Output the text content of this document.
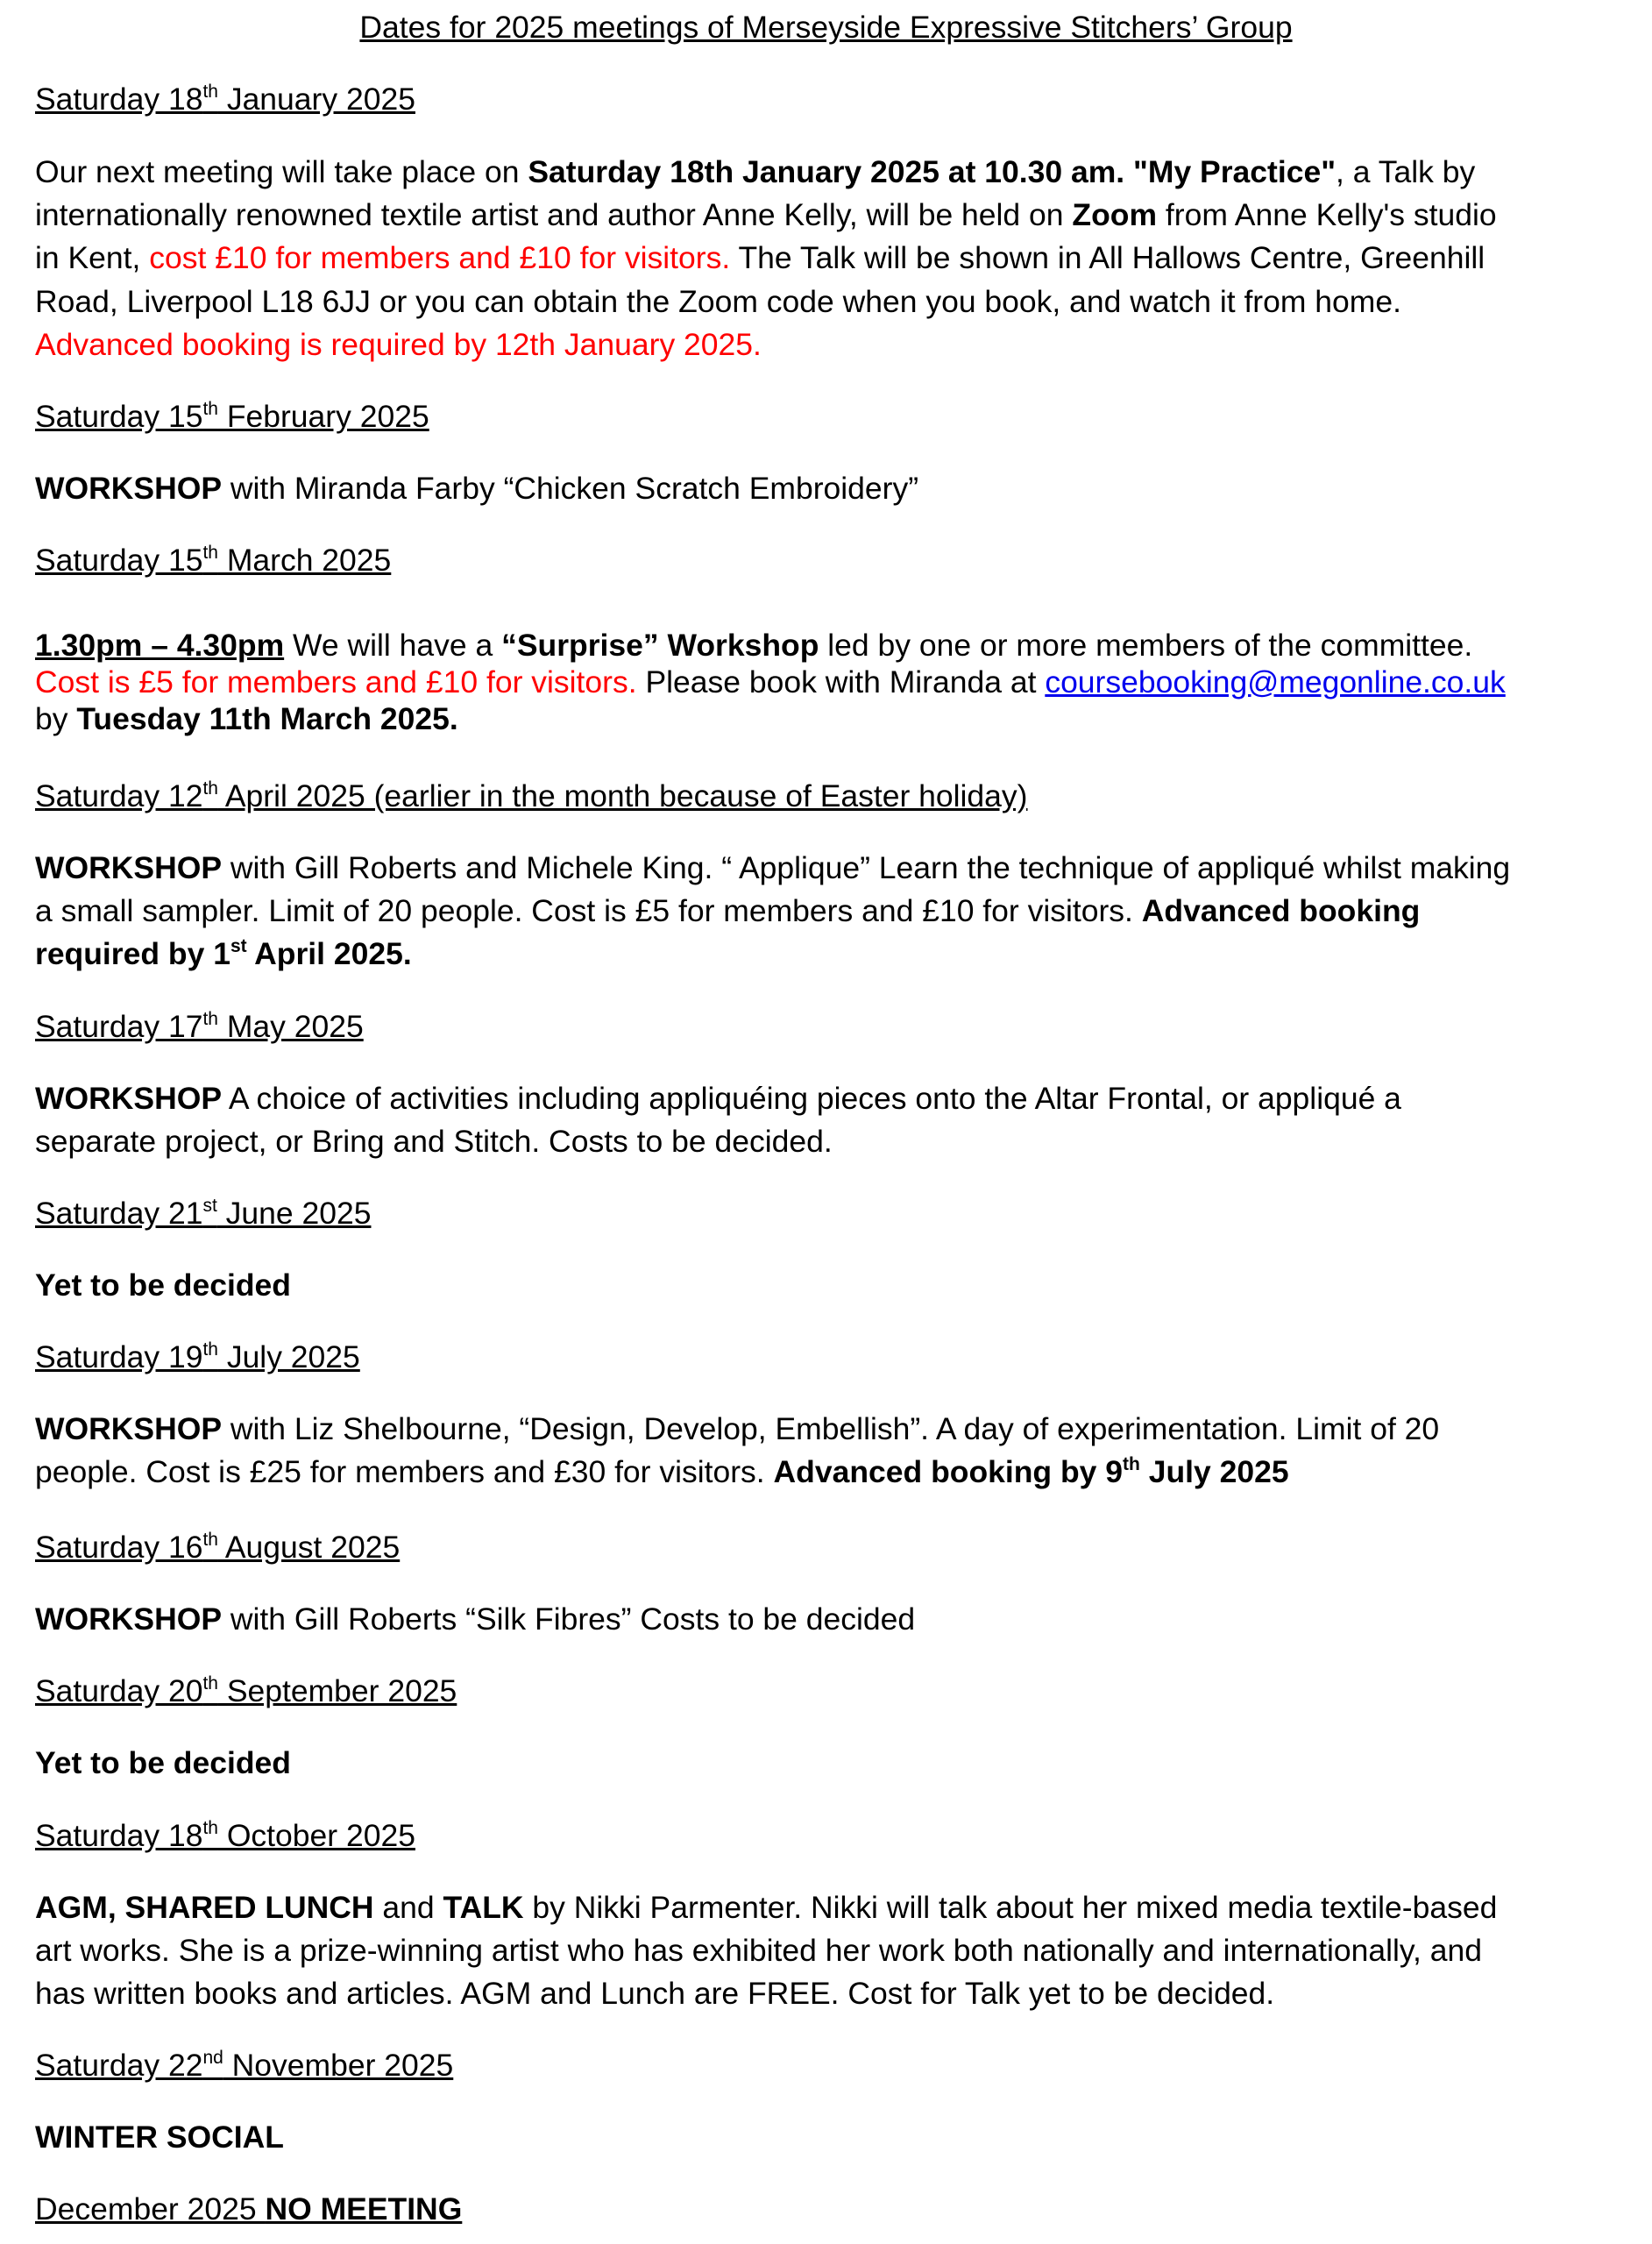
Dates for 2025 meetings of Merseyside Expressive Stitchers’ Group
Saturday 18th January 2025
Our next meeting will take place on Saturday 18th January 2025 at 10.30 am. "My Practice", a Talk by
internationally renowned textile artist and author Anne Kelly, will be held on Zoom from Anne Kelly's studio
in Kent, cost £10 for members and £10 for visitors. The Talk will be shown in All Hallows Centre, Greenhill
Road, Liverpool L18 6JJ or you can obtain the Zoom code when you book, and watch it from home.
Advanced booking is required by 12th January 2025.
Saturday 15th February 2025
WORKSHOP with Miranda Farby “Chicken Scratch Embroidery”
Saturday 15th March 2025
1.30pm – 4.30pm We will have a “Surprise” Workshop led by one or more members of the committee.
Cost is £5 for members and £10 for visitors. Please book with Miranda at coursebooking@megonline.co.uk
by Tuesday 11th March 2025.
Saturday 12th April 2025 (earlier in the month because of Easter holiday)
WORKSHOP with Gill Roberts and Michele King. “ Applique” Learn the technique of appliqué whilst making
a small sampler. Limit of 20 people. Cost is £5 for members and £10 for visitors. Advanced booking
required by 1st April 2025.
Saturday 17th May 2025
WORKSHOP A choice of activities including appliquéing pieces onto the Altar Frontal, or appliqué a
separate project, or Bring and Stitch. Costs to be decided.
Saturday 21st June 2025
Yet to be decided
Saturday 19th July 2025
WORKSHOP with Liz Shelbourne, “Design, Develop, Embellish”. A day of experimentation. Limit of 20
people. Cost is £25 for members and £30 for visitors. Advanced booking by 9th July 2025
Saturday 16th August 2025
WORKSHOP with Gill Roberts “Silk Fibres” Costs to be decided
Saturday 20th September 2025
Yet to be decided
Saturday 18th October 2025
AGM, SHARED LUNCH and TALK by Nikki Parmenter. Nikki will talk about her mixed media textile-based
art works. She is a prize-winning artist who has exhibited her work both nationally and internationally, and
has written books and articles. AGM and Lunch are FREE. Cost for Talk yet to be decided.
Saturday 22nd November 2025
WINTER SOCIAL
December 2025 NO MEETING
